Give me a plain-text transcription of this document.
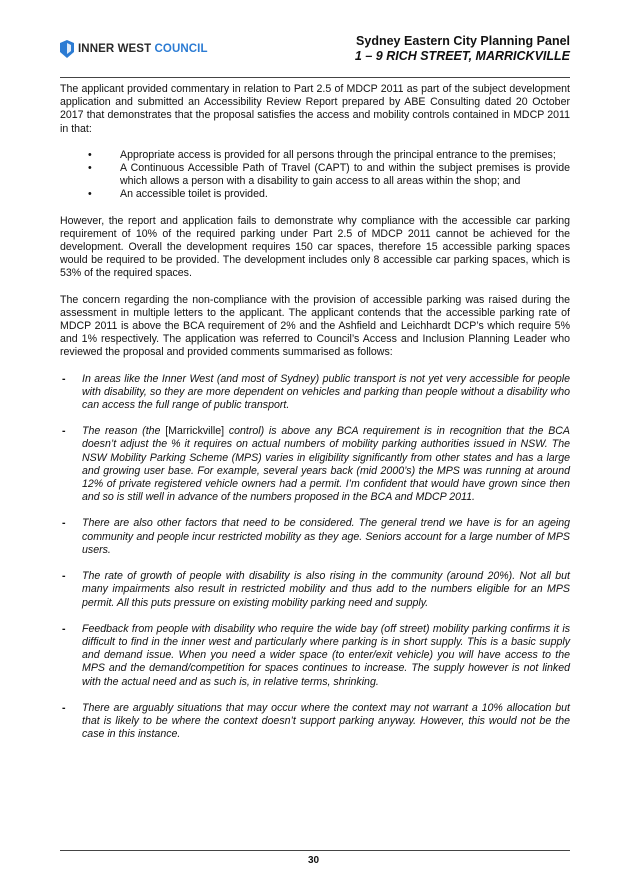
INNER WEST COUNCIL
Sydney Eastern City Planning Panel
1 – 9 RICH STREET, MARRICKVILLE

The applicant provided commentary in relation to Part 2.5 of MDCP 2011 as part of the subject development application and submitted an Accessibility Review Report prepared by ABE Consulting dated 20 October 2017 that demonstrates that the proposal satisfies the access and mobility controls contained in MDCP 2011 in that:

•	Appropriate access is provided for all persons through the principal entrance to the premises;
•	A Continuous Accessible Path of Travel (CAPT) to and within the subject premises is provide which allows a person with a disability to gain access to all areas within the shop; and
•	An accessible toilet is provided.

However, the report and application fails to demonstrate why compliance with the accessible car parking requirement of 10% of the required parking under Part 2.5 of MDCP 2011 cannot be achieved for the development. Overall the development requires 150 car spaces, therefore 15 accessible parking spaces would be required to be provided. The development includes only 8 accessible car parking spaces, which is 53% of the required spaces.

The concern regarding the non-compliance with the provision of accessible parking was raised during the assessment in multiple letters to the applicant. The applicant contends that the accessible parking rate of MDCP 2011 is above the BCA requirement of 2% and the Ashfield and Leichhardt DCP’s which require 5% and 1% respectively. The application was referred to Council’s Access and Inclusion Planning Leader who reviewed the proposal and provided comments summarised as follows:

- In areas like the Inner West (and most of Sydney) public transport is not yet very accessible for people with disability, so they are more dependent on vehicles and parking than people without a disability who can access the full range of public transport.
- The reason (the [Marrickville] control) is above any BCA requirement is in recognition that the BCA doesn’t adjust the % it requires on actual numbers of mobility parking authorities issued in NSW. The NSW Mobility Parking Scheme (MPS) varies in eligibility significantly from other states and has a large and growing user base. For example, several years back (mid 2000’s) the MPS was running at around 12% of private registered vehicle owners had a permit. I’m confident that would have grown since then and so is still well in advance of the numbers proposed in the BCA and MDCP 2011.
- There are also other factors that need to be considered. The general trend we have is for an ageing community and people incur restricted mobility as they age. Seniors account for a large number of MPS users.
- The rate of growth of people with disability is also rising in the community (around 20%). Not all but many impairments also result in restricted mobility and thus add to the numbers eligible for an MPS permit. All this puts pressure on existing mobility parking need and supply.
- Feedback from people with disability who require the wide bay (off street) mobility parking confirms it is difficult to find in the inner west and particularly where parking is in short supply. This is a basic supply and demand issue. When you need a wider space (to enter/exit vehicle) you will have access to the MPS and the demand/competition for spaces continues to increase. The supply however is not linked with the actual need and as such is, in relative terms, shrinking.
- There are arguably situations that may occur where the context may not warrant a 10% allocation but that is likely to be where the context doesn’t support parking anyway. However, this would not be the case in this instance.
30
